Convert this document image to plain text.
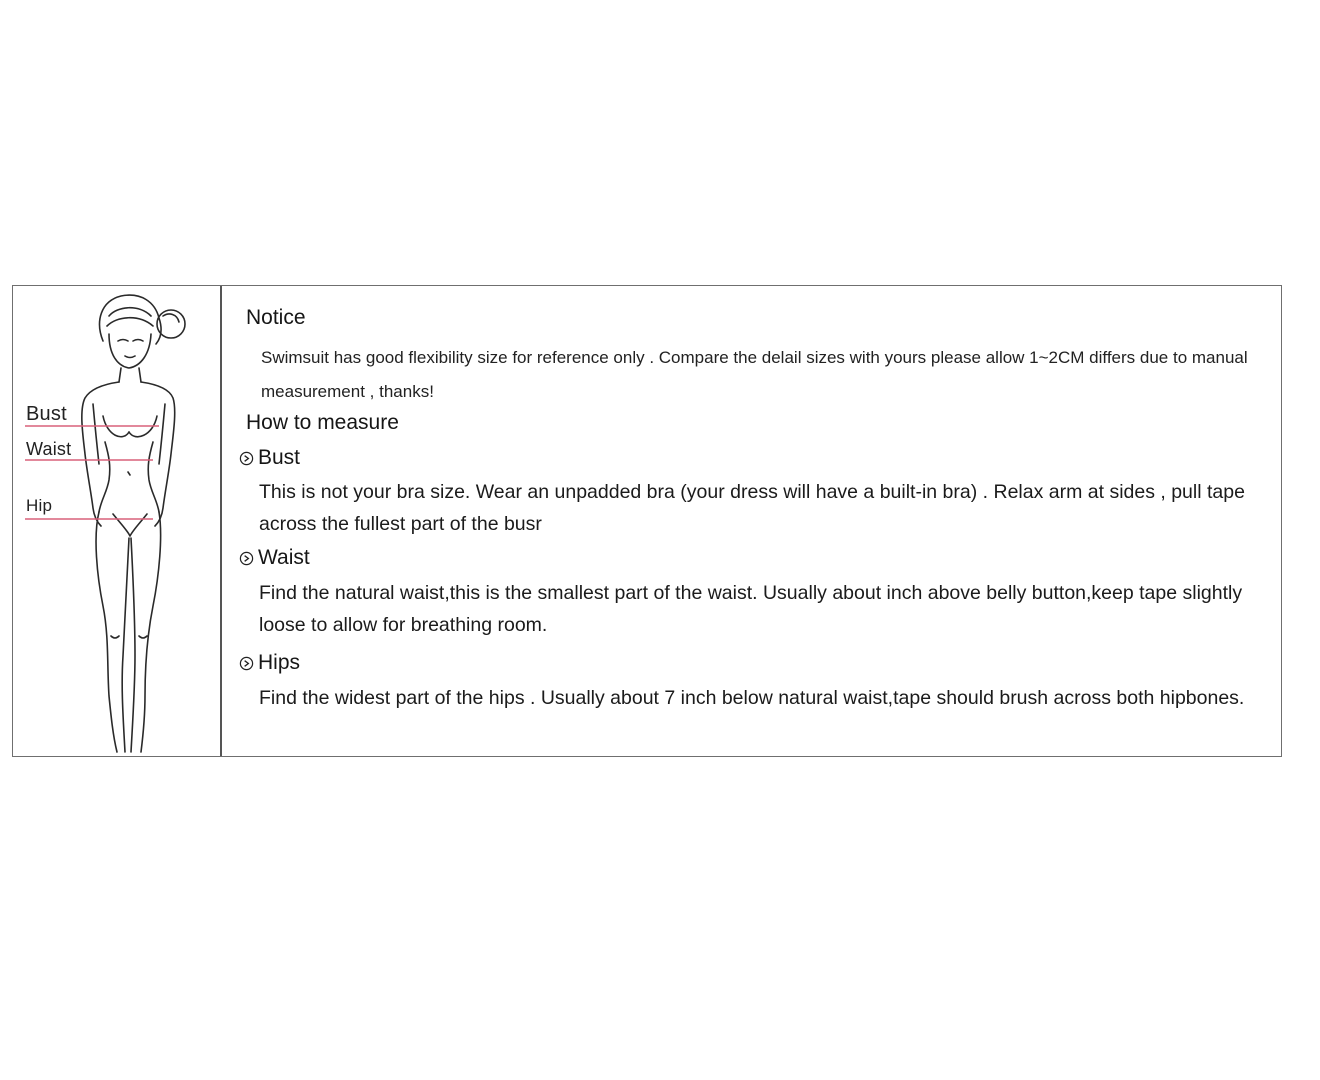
Bust
Waist
Hip
Notice

Swimsuit has good flexibility size for reference only . Compare the delail sizes with yours please allow 1~2CM differs due to manual measurement , thanks!

How to measure
Bust

This is not your bra size. Wear an unpadded bra (your dress will have a built-in bra) . Relax arm at sides , pull tape across the fullest part of the busr

Waist

Find the natural waist,this is the smallest part of the waist. Usually about inch above belly button,keep tape slightly loose to allow for breathing room.

Hips

Find the widest part of the hips . Usually about 7 inch below natural waist,tape should brush across both hipbones.
